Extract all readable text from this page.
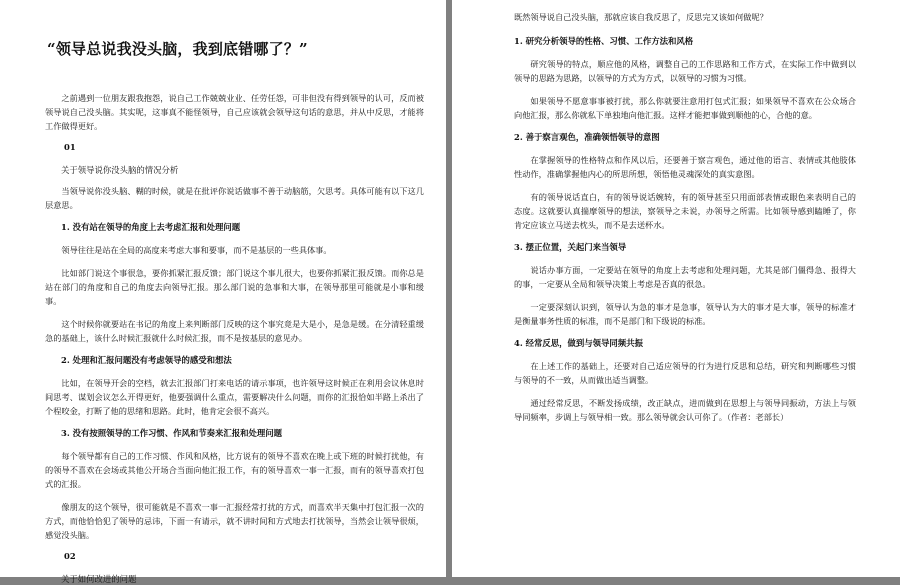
“领导总说我没头脑，我到底错哪了？”

之前遇到一位朋友跟我抱怨，说自己工作兢兢业业、任劳任怨，可非但没有得到领导的认可，反而被领导说自己没头脑。其实呢，这事真不能怪领导，自己应该就会领导这句话的意思，并从中反思，才能将工作做得更好。

01
关于领导说你没头脑的情况分析

当领导说你没头脑、糊的时候，就是在批评你说话做事不善于动脑筋，欠思考。具体可能有以下这几层意思。

1. 没有站在领导的角度上去考虑汇报和处理问题

领导往往是站在全局的高度来考虑大事和要事，而不是基层的一些具体事。

比如部门说这个事很急，要你抓紧汇报反馈；部门说这个事儿很大，也要你抓紧汇报反馈。而你总是站在部门的角度和自己的角度去向领导汇报。那么部门说的急事和大事，在领导那里可能就是小事和缓事。

这个时候你就要站在书记的角度上来判断部门反映的这个事究竟是大是小，是急是缓。在分清轻重缓急的基础上，该什么时候汇报就什么时候汇报，而不是按基层的意见办。

2. 处理和汇报问题没有考虑领导的感受和想法

比如，在领导开会的空档，就去汇报部门打来电话的请示事项，也许领导这时候正在利用会议休息时间思考、谋划会议怎么开得更好，他要强调什么重点，需要解决什么问题，而你的汇报恰如半路上杀出了个程咬金，打断了他的思绪和思路。此时，他肯定会很不高兴。

3. 没有按照领导的工作习惯、作风和节奏来汇报和处理问题

每个领导都有自己的工作习惯、作风和风格，比方说有的领导不喜欢在晚上或下班的时候打扰他，有的领导不喜欢在会场或其他公开场合当面向他汇报工作，有的领导喜欢一事一汇报，而有的领导喜欢打包式的汇报。

像朋友的这个领导，很可能就是不喜欢一事一汇报经常打扰的方式，而喜欢半天集中打包汇报一次的方式，而他恰恰犯了领导的忌讳，下面一有请示，就不讲时间和方式地去打扰领导，当然会让领导很烦，感觉没头脑。

02
关于如何改进的问题

既然领导说自己没头脑，那就应该自我反思了，反思完又该如何做呢？

1. 研究分析领导的性格、习惯、工作方法和风格

研究领导的特点，顺应他的风格，调整自己的工作思路和工作方式，在实际工作中做到以领导的思路为思路，以领导的方式为方式，以领导的习惯为习惯。

如果领导不愿意事事被打扰，那么你就要注意用打包式汇报；如果领导不喜欢在公众场合向他汇报，那么你就私下单独地向他汇报。这样才能把事做到顺他的心，合他的意。

2. 善于察言观色，准确领悟领导的意图

在掌握领导的性格特点和作风以后，还要善于察言观色，通过他的语言、表情或其他肢体性动作，准确掌握他内心的所思所想，领悟他灵魂深处的真实意图。

有的领导说话直白，有的领导说话婉转，有的领导甚至只用面部表情或眼色来表明自己的态度。这就要认真揣摩领导的想法，察领导之未说，办领导之所需。比如领导感到瞌睡了，你肯定应该立马送去枕头，而不是去送杯水。

3. 摆正位置，关起门来当领导

说话办事方面，一定要站在领导的角度上去考虑和处理问题，尤其是部门僵得急、报得大的事，一定要从全局和领导决策上考虑是否真的很急。

一定要深刻认识到，领导认为急的事才是急事，领导认为大的事才是大事，领导的标准才是衡量事务性质的标准，而不是部门和下级说的标准。

4. 经常反思，做到与领导同频共振

在上述工作的基础上，还要对自己适应领导的行为进行反思和总结，研究和判断哪些习惯与领导的不一致，从而做出适当调整。

通过经常反思，不断发扬成绩，改正缺点，进而做到在思想上与领导同振动，方法上与领导同频率，步调上与领导相一致。那么领导就会认可你了。（作者：老部长）
